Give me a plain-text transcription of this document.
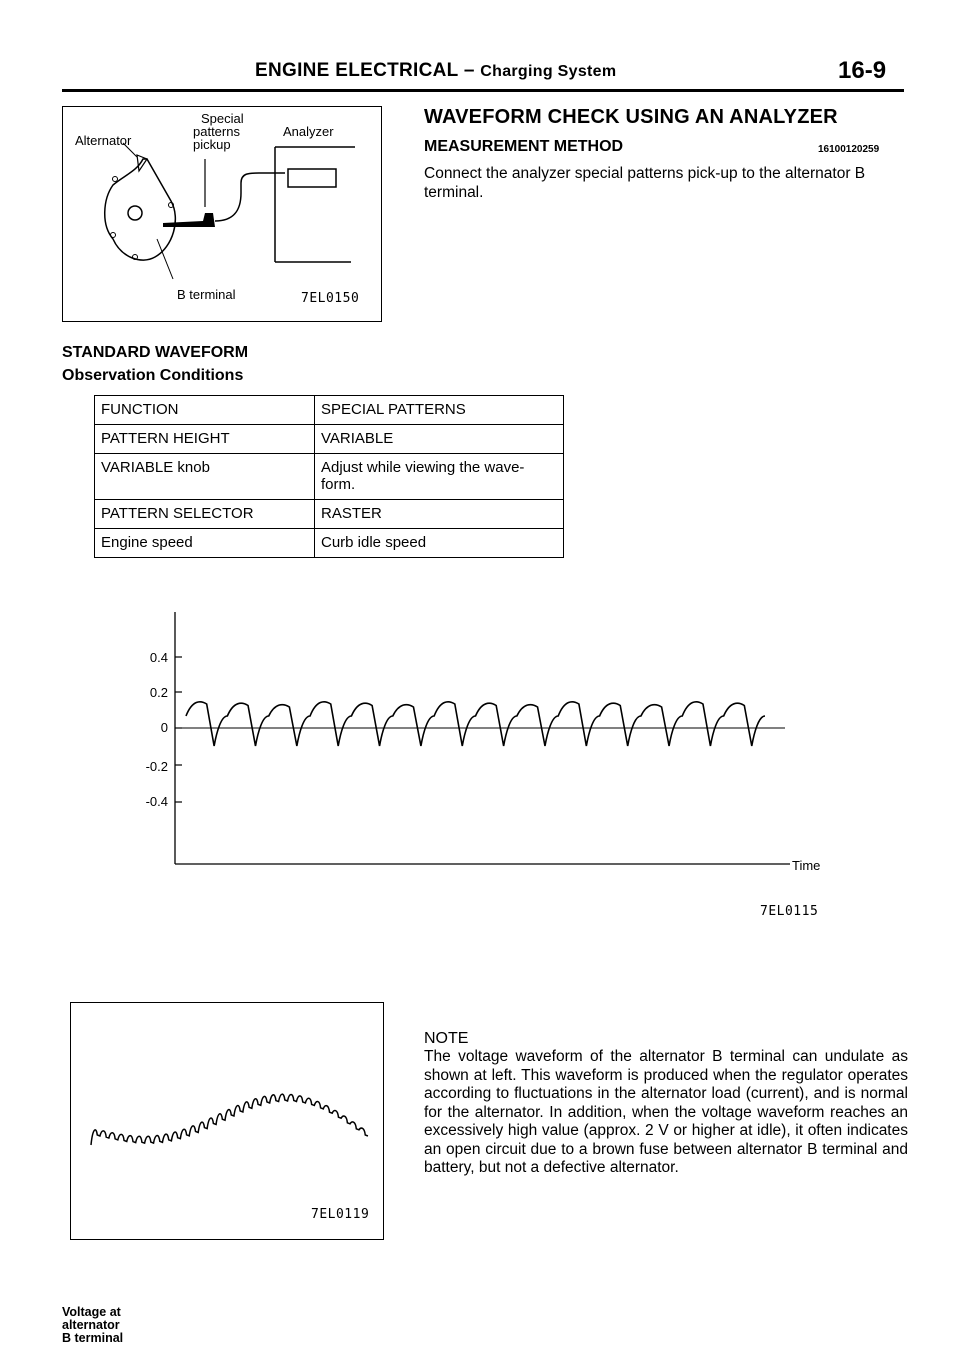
ENGINE ELECTRICAL – Charging System	16-9
Alternator
Special
patterns
pickup
Analyzer
B terminal	7EL0150
WAVEFORM CHECK USING AN ANALYZER
MEASUREMENT METHOD	16100120259
Connect the analyzer special patterns pick-up to the alternator B terminal.
STANDARD WAVEFORM
Observation Conditions
FUNCTION	SPECIAL PATTERNS
PATTERN HEIGHT	VARIABLE
VARIABLE knob	Adjust while viewing the wave-form.
PATTERN SELECTOR	RASTER
Engine speed	Curb idle speed
Voltage at
alternator
B terminal
0.4
0.2
0
-0.2
-0.4
Time
7EL0115
7EL0119
NOTE
The voltage waveform of the alternator B terminal can undulate as shown at left. This waveform is produced when the regulator operates according to fluctuations in the alternator load (current), and is normal for the alternator. In addition, when the voltage waveform reaches an excessively high value (approx. 2 V or higher at idle), it often indicates an open circuit due to a brown fuse between alternator B terminal and battery, but not a defective alternator.
